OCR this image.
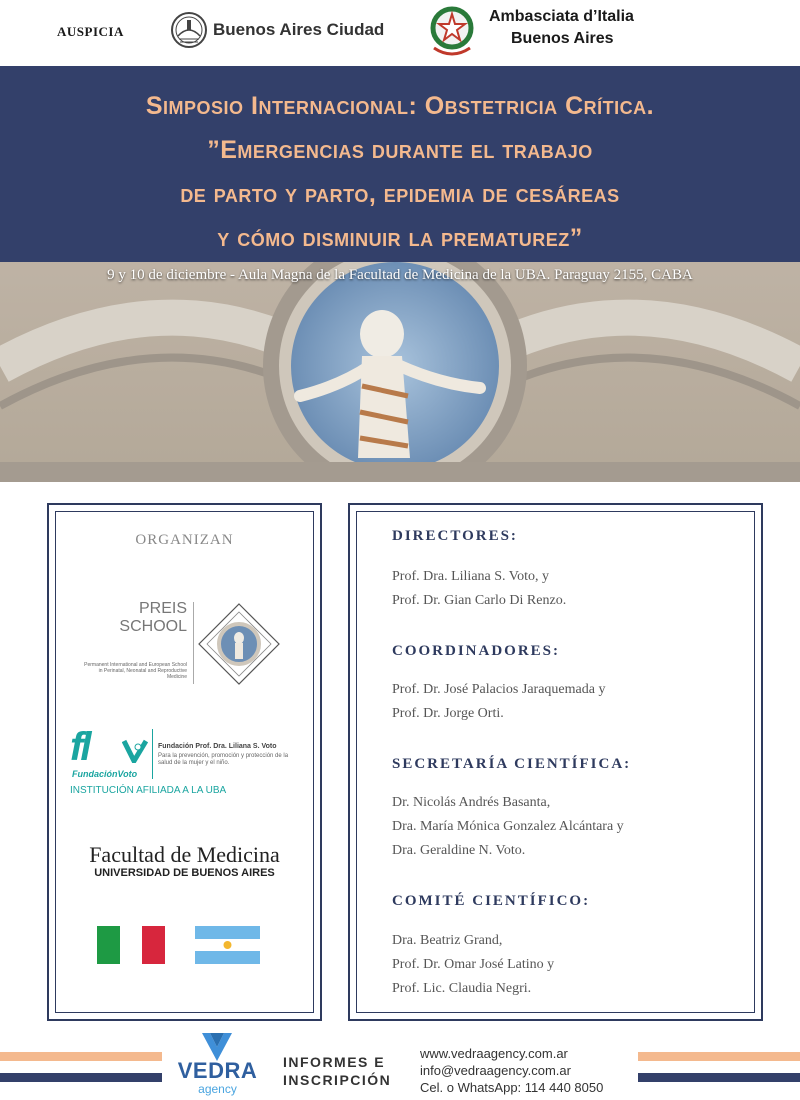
AUSPICIA	Buenos Aires Ciudad
Ambasciata d’Italia
Buenos Aires
Simposio Internacional: Obstetricia Crítica.
”Emergencias durante el trabajo
de parto y parto, epidemia de cesáreas
y cómo disminuir la prematurez”
9 y 10 de diciembre - Aula Magna de la Facultad de Medicina de la UBA. Paraguay 2155, CABA
ORGANIZAN
PREIS
SCHOOL
Permanent International and European School in Perinatal, Neonatal and Reproductive Medicine
fl
FundaciónVoto
Fundación Prof. Dra. Liliana S. Voto
Para la prevención, promoción y protección de la salud de la mujer y el niño.
INSTITUCIÓN AFILIADA A LA UBA
Facultad de Medicina
UNIVERSIDAD DE BUENOS AIRES
DIRECTORES:
Prof. Dra. Liliana S. Voto, y
Prof. Dr. Gian Carlo Di Renzo.
COORDINADORES:
Prof. Dr. José Palacios Jaraquemada y
Prof. Dr. Jorge Orti.
SECRETARÍA CIENTÍFICA:
Dr. Nicolás Andrés Basanta,
Dra. María Mónica Gonzalez Alcántara y
Dra. Geraldine N. Voto.
COMITÉ CIENTÍFICO:
Dra. Beatriz Grand,
Prof. Dr. Omar José Latino y
Prof. Lic. Claudia Negri.
VEDRA
agency
INFORMES E
INSCRIPCIÓN
www.vedraagency.com.ar
info@vedraagency.com.ar
Cel. o WhatsApp: 114 440 8050
